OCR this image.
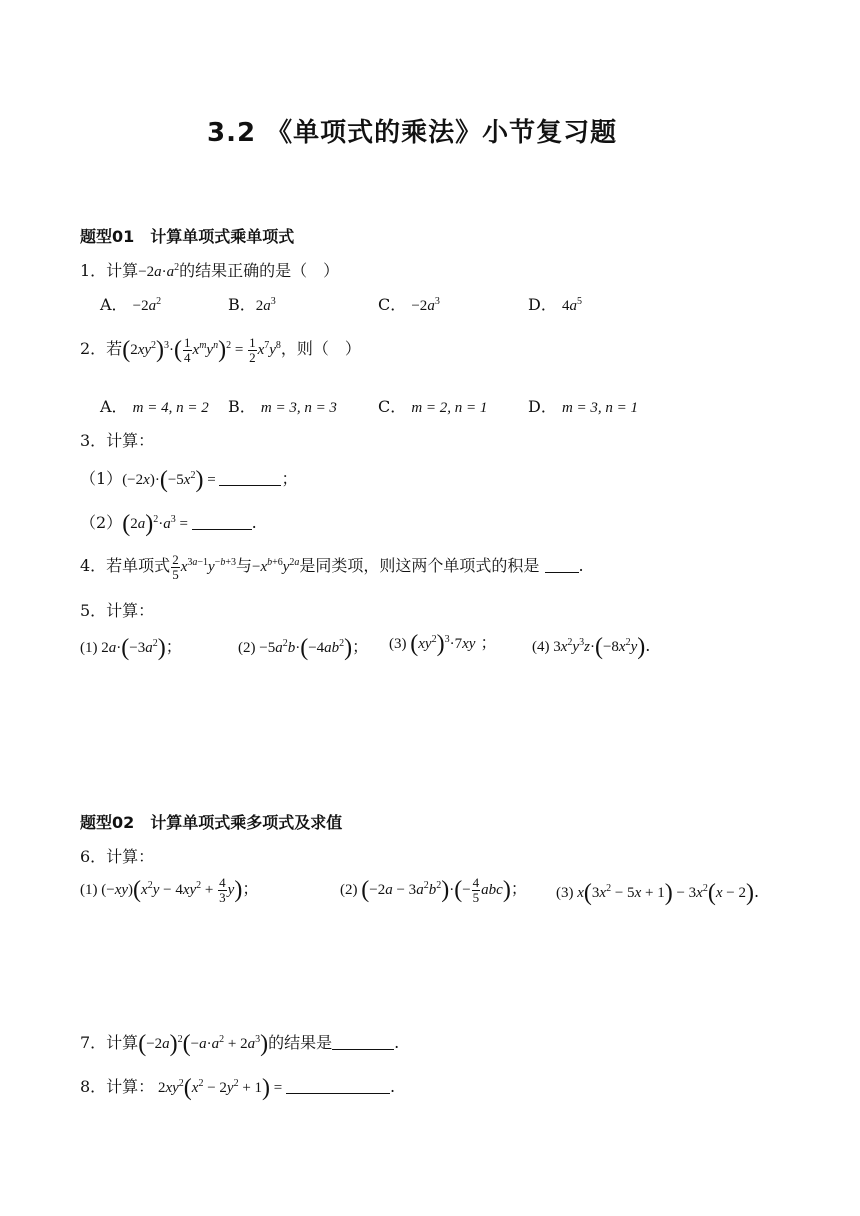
3.2 《单项式的乘法》小节复习题
题型01　计算单项式乘单项式
1．计算$-2a\cdot a^2$的结果正确的是（　）
A． $-2a^2$	B．$2a^3$	C． $-2a^3$	D． $4a^5$
2．若$(2xy^2)^3\cdot( \frac{1}{4} x^my^n)^2 = \frac{1}{2} x^7y^8$，则（　）
A． m = 4, n = 2 B． m = 3, n = 3	C． m = 2, n = 1	D． m = 3, n = 1
3．计算：
$(1)(-2x)\cdot(-5x^2)$ =	；
$(2)(2a)^2\cdot a^3$ =	.
4．若单项式 $\frac{2}{5} x^{3a-1}y^{-b+3}$与$-x^{b+6}y^{2a}$是同类项，则这两个单项式的积是 .
5．计算：
(1) $2a\cdot(-3a^2)$；	$(2) -5a^2b\cdot(-4ab^2)$； (3) $(xy^2)^3\cdot 7xy$ ； (4) $3x^2y^3z\cdot(-8x^2y)$.
题型02　计算单项式乘多项式及求值
6．计算：
(1) $(-xy)(x^2y - 4xy^2 + \frac{4}{3} y)$；	(2) $(-2a - 3a^2b^2)\cdot(- \frac{4}{5} abc)$； (3) $x(3x^2 - 5x + 1) - 3x^2(x - 2)$.
7．计算$(-2a)^2(-a\cdot a^2 + 2a^3)$的结果是	.
8．计算： $2xy^2(x^2 - 2y^2 + 1)$ =	.
